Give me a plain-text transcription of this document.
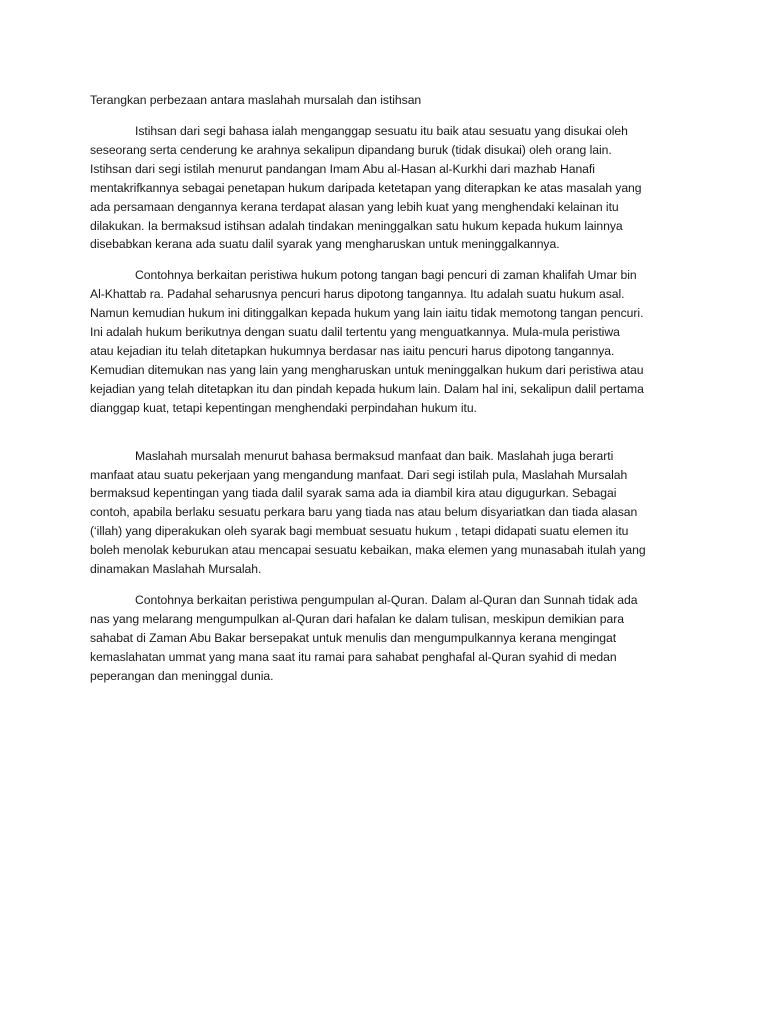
Terangkan perbezaan antara maslahah mursalah dan istihsan
Istihsan dari segi bahasa ialah menganggap sesuatu itu baik atau sesuatu yang disukai oleh
seseorang serta cenderung ke arahnya sekalipun dipandang buruk (tidak disukai) oleh orang lain.
Istihsan dari segi istilah menurut pandangan Imam Abu al-Hasan al-Kurkhi dari mazhab Hanafi
mentakrifkannya sebagai penetapan hukum daripada ketetapan yang diterapkan ke atas masalah yang
ada persamaan dengannya kerana terdapat alasan yang lebih kuat yang menghendaki kelainan itu
dilakukan. Ia bermaksud istihsan adalah tindakan meninggalkan satu hukum kepada hukum lainnya
disebabkan kerana ada suatu dalil syarak yang mengharuskan untuk meninggalkannya.
Contohnya berkaitan peristiwa hukum potong tangan bagi pencuri di zaman khalifah Umar bin
Al-Khattab ra. Padahal seharusnya pencuri harus dipotong tangannya. Itu adalah suatu hukum asal.
Namun kemudian hukum ini ditinggalkan kepada hukum yang lain iaitu tidak memotong tangan pencuri.
Ini adalah hukum berikutnya dengan suatu dalil tertentu yang menguatkannya. Mula-mula peristiwa
atau kejadian itu telah ditetapkan hukumnya berdasar nas iaitu pencuri harus dipotong tangannya.
Kemudian ditemukan nas yang lain yang mengharuskan untuk meninggalkan hukum dari peristiwa atau
kejadian yang telah ditetapkan itu dan pindah kepada hukum lain. Dalam hal ini, sekalipun dalil pertama
dianggap kuat, tetapi kepentingan menghendaki perpindahan hukum itu.
Maslahah mursalah menurut bahasa bermaksud manfaat dan baik. Maslahah juga berarti
manfaat atau suatu pekerjaan yang mengandung manfaat. Dari segi istilah pula, Maslahah Mursalah
bermaksud kepentingan yang tiada dalil syarak sama ada ia diambil kira atau digugurkan. Sebagai
contoh, apabila berlaku sesuatu perkara baru yang tiada nas atau belum disyariatkan dan tiada alasan
(‘illah) yang diperakukan oleh syarak bagi membuat sesuatu hukum , tetapi didapati suatu elemen itu
boleh menolak keburukan atau mencapai sesuatu kebaikan, maka elemen yang munasabah itulah yang
dinamakan Maslahah Mursalah.
Contohnya berkaitan peristiwa pengumpulan al-Quran. Dalam al-Quran dan Sunnah tidak ada
nas yang melarang mengumpulkan al-Quran dari hafalan ke dalam tulisan, meskipun demikian para
sahabat di Zaman Abu Bakar bersepakat untuk menulis dan mengumpulkannya kerana mengingat
kemaslahatan ummat yang mana saat itu ramai para sahabat penghafal al-Quran syahid di medan
peperangan dan meninggal dunia.
